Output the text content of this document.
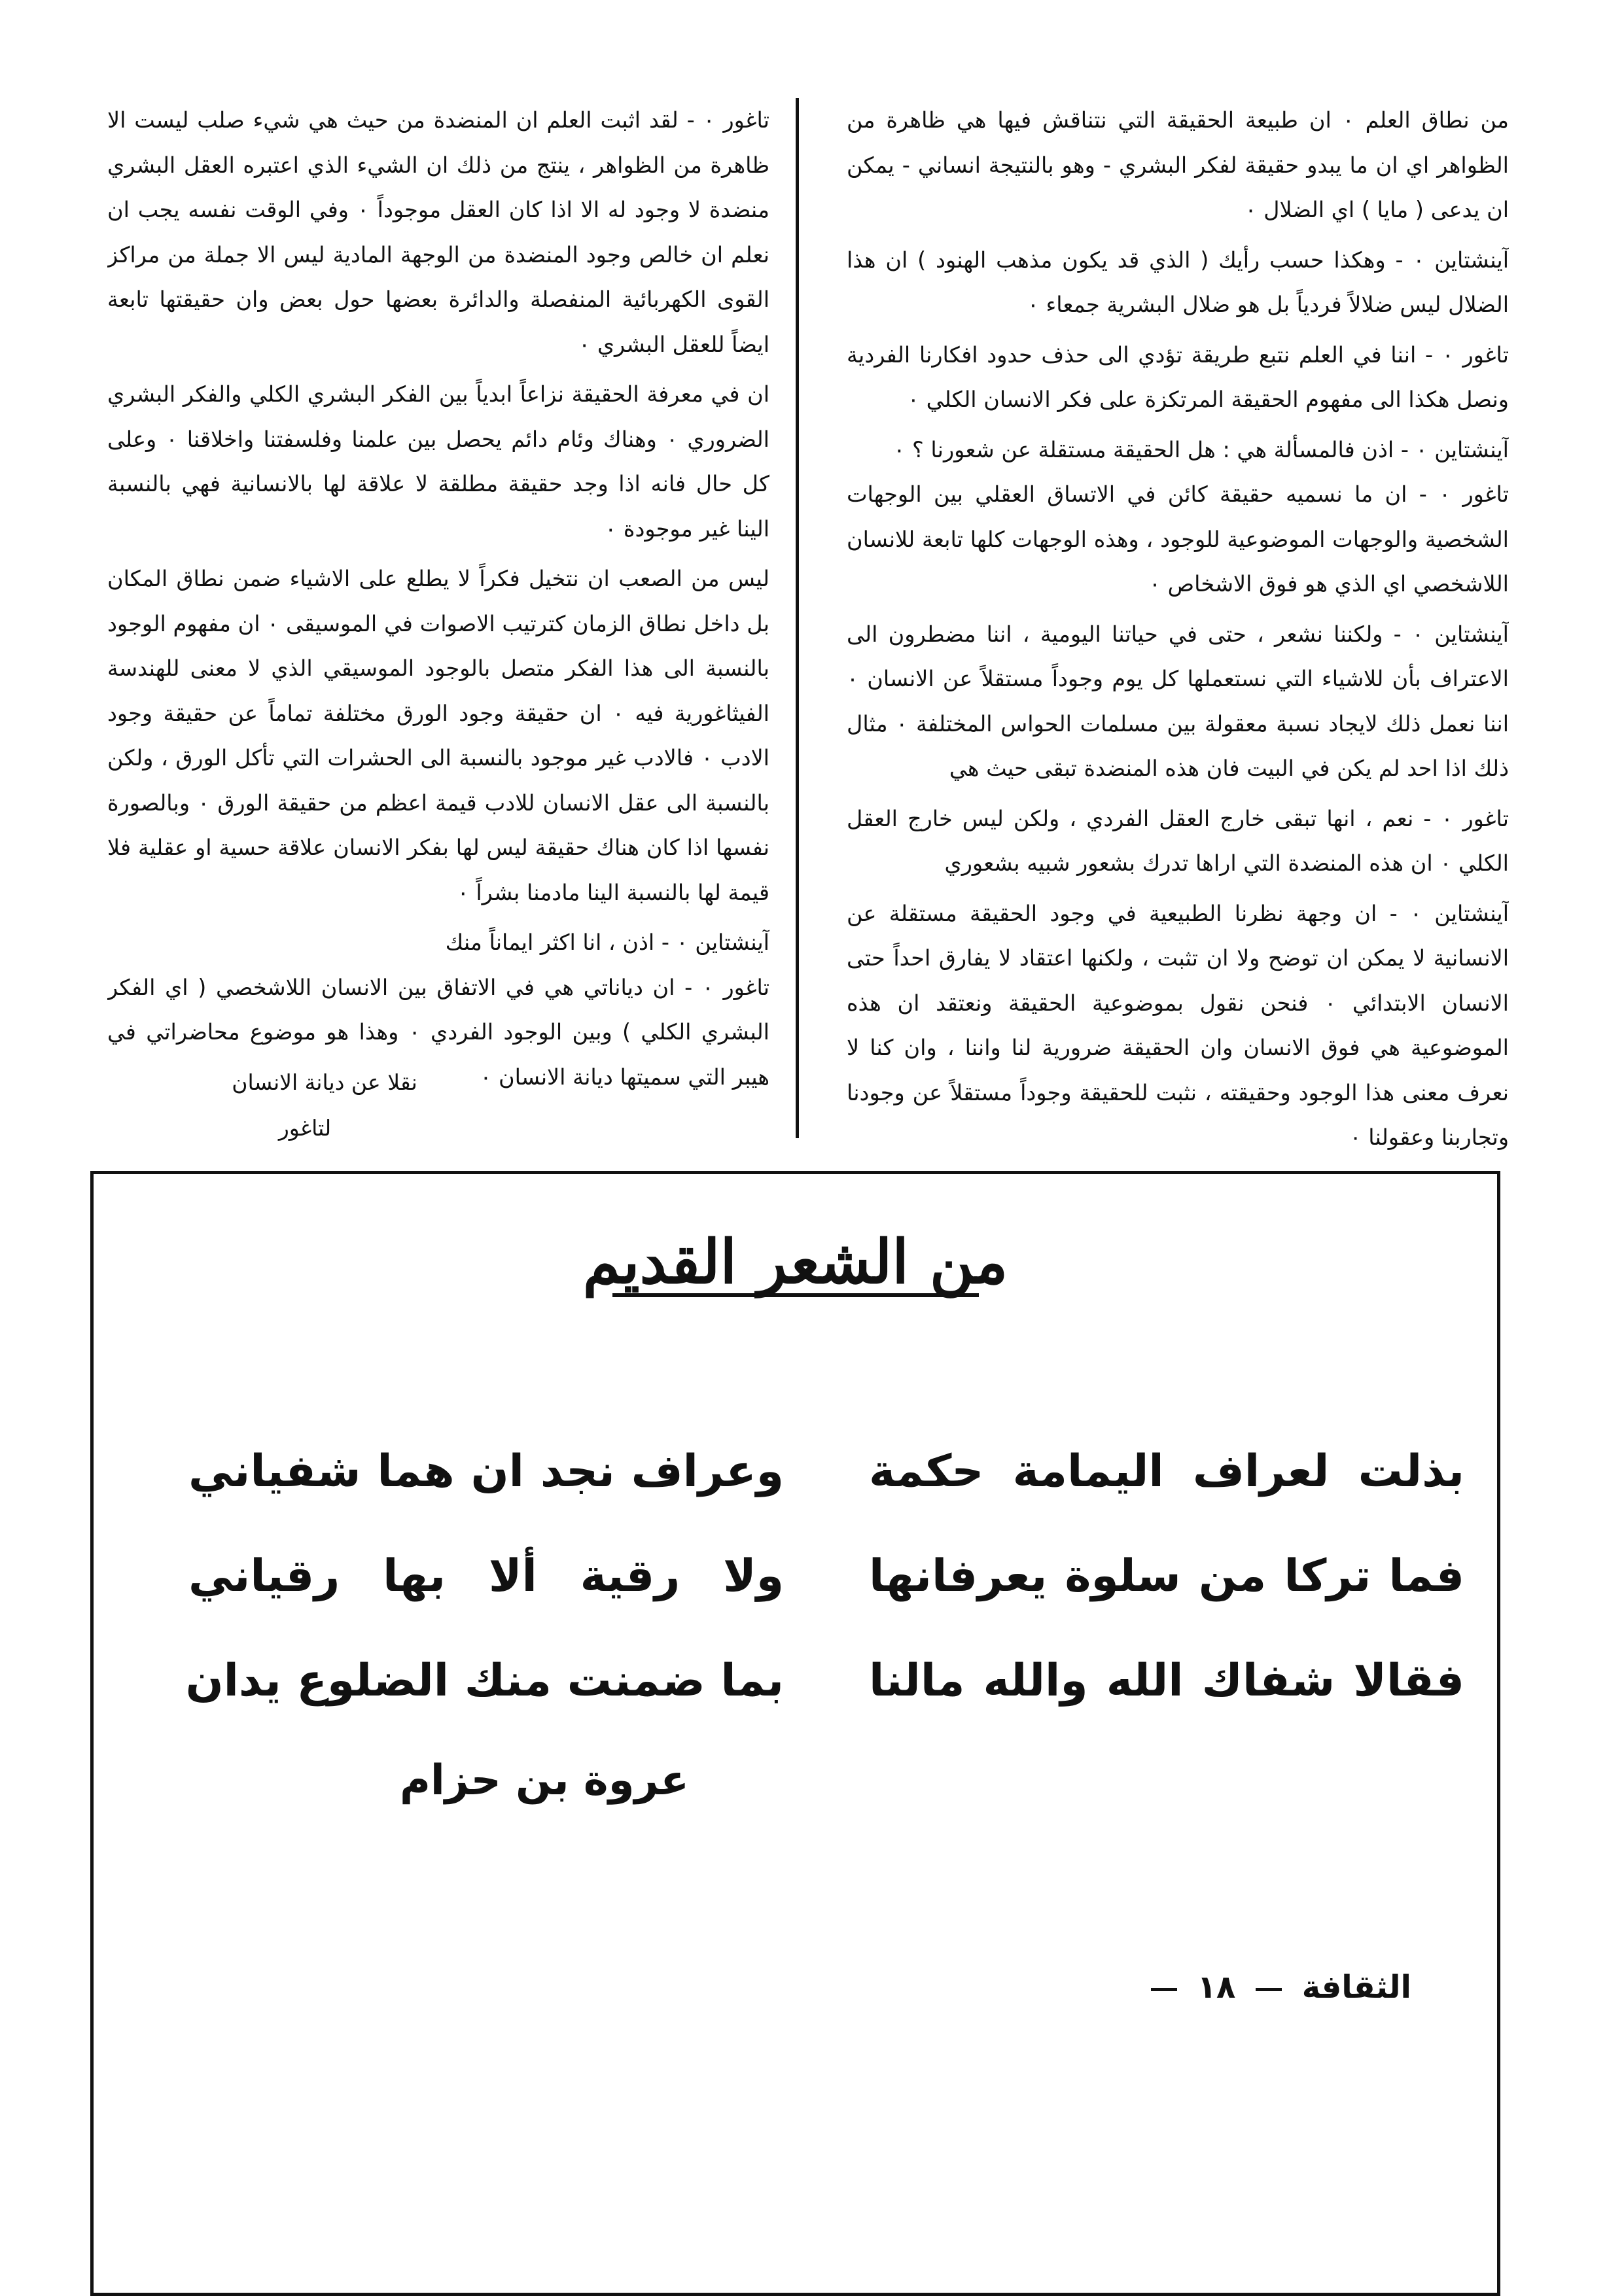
من نطاق العلم ٠ ان طبيعة الحقيقة التي نتناقش فيها هي ظاهرة من الظواهر اي ان ما يبدو حقيقة لفكر البشري - وهو بالنتيجة انساني - يمكن ان يدعى ( مايا ) اي الضلال ٠

آينشتاين ٠ - وهكذا حسب رأيك ( الذي قد يكون مذهب الهنود ) ان هذا الضلال ليس ضلالاً فردياً بل هو ضلال البشرية جمعاء ٠

تاغور ٠ - اننا في العلم نتبع طريقة تؤدي الى حذف حدود افكارنا الفردية ونصل هكذا الى مفهوم الحقيقة المرتكزة على فكر الانسان الكلي ٠

آينشتاين ٠ - اذن فالمسألة هي : هل الحقيقة مستقلة عن شعورنا ؟ ٠

تاغور ٠ - ان ما نسميه حقيقة كائن في الاتساق العقلي بين الوجهات الشخصية والوجهات الموضوعية للوجود ، وهذه الوجهات كلها تابعة للانسان اللاشخصي اي الذي هو فوق الاشخاص ٠

آينشتاين ٠ - ولكننا نشعر ، حتى في حياتنا اليومية ، اننا مضطرون الى الاعتراف بأن للاشياء التي نستعملها كل يوم وجوداً مستقلاً عن الانسان ٠ اننا نعمل ذلك لايجاد نسبة معقولة بين مسلمات الحواس المختلفة ٠ مثال ذلك اذا احد لم يكن في البيت فان هذه المنضدة تبقى حيث هي

تاغور ٠ - نعم ، انها تبقى خارج العقل الفردي ، ولكن ليس خارج العقل الكلي ٠ ان هذه المنضدة التي اراها تدرك بشعور شبيه بشعوري

آينشتاين ٠ - ان وجهة نظرنا الطبيعية في وجود الحقيقة مستقلة عن الانسانية لا يمكن ان توضح ولا ان تثبت ، ولكنها اعتقاد لا يفارق احداً حتى الانسان الابتدائي ٠ فنحن نقول بموضوعية الحقيقة ونعتقد ان هذه الموضوعية هي فوق الانسان وان الحقيقة ضرورية لنا واننا ، وان كنا لا نعرف معنى هذا الوجود وحقيقته ، نثبت للحقيقة وجوداً مستقلاً عن وجودنا وتجاربنا وعقولنا ٠

تاغور ٠ - لقد اثبت العلم ان المنضدة من حيث هي شيء صلب ليست الا ظاهرة من الظواهر ، ينتج من ذلك ان الشيء الذي اعتبره العقل البشري منضدة لا وجود له الا اذا كان العقل موجوداً ٠ وفي الوقت نفسه يجب ان نعلم ان خالص وجود المنضدة من الوجهة المادية ليس الا جملة من مراكز القوى الكهربائية المنفصلة والدائرة بعضها حول بعض وان حقيقتها تابعة ايضاً للعقل البشري ٠

ان في معرفة الحقيقة نزاعاً ابدياً بين الفكر البشري الكلي والفكر البشري الضروري ٠ وهناك وئام دائم يحصل بين علمنا وفلسفتنا واخلاقنا ٠ وعلى كل حال فانه اذا وجد حقيقة مطلقة لا علاقة لها بالانسانية فهي بالنسبة الينا غير موجودة ٠

ليس من الصعب ان نتخيل فكراً لا يطلع على الاشياء ضمن نطاق المكان بل داخل نطاق الزمان كترتيب الاصوات في الموسيقى ٠ ان مفهوم الوجود بالنسبة الى هذا الفكر متصل بالوجود الموسيقي الذي لا معنى للهندسة الفيثاغورية فيه ٠ ان حقيقة وجود الورق مختلفة تماماً عن حقيقة وجود الادب ٠ فالادب غير موجود بالنسبة الى الحشرات التي تأكل الورق ، ولكن بالنسبة الى عقل الانسان للادب قيمة اعظم من حقيقة الورق ٠ وبالصورة نفسها اذا كان هناك حقيقة ليس لها بفكر الانسان علاقة حسية او عقلية فلا قيمة لها بالنسبة الينا مادمنا بشراً ٠

آينشتاين ٠ - اذن ، انا اكثر ايماناً منك

تاغور ٠ - ان دياناتي هي في الاتفاق بين الانسان اللاشخصي ( اي الفكر البشري الكلي ) وبين الوجود الفردي ٠ وهذا هو موضوع محاضراتي في هيبر التي سميتها ديانة الانسان ٠

نقلا عن ديانة الانسان
لتاغور
من الشعر القديم
بذلت لعراف اليمامة حكمة
وعراف نجد ان هما شفياني
فما تركا من سلوة يعرفانها
ولا رقية ألا بها رقياني
فقالا شفاك الله والله مالنا
بما ضمنت منك الضلوع يدان
عروة بن حزام
الثقافة  ١٨
